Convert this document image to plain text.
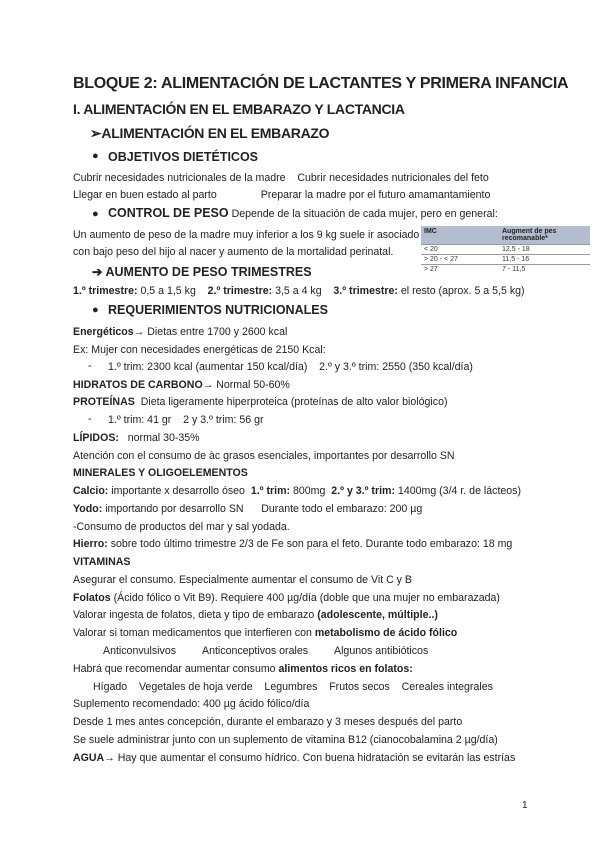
BLOQUE 2: ALIMENTACIÓN DE LACTANTES Y PRIMERA INFANCIA
I. ALIMENTACIÓN EN EL EMBARAZO Y LACTANCIA
➢ALIMENTACIÓN EN EL EMBARAZO
● OBJETIVOS DIETÉTICOS
Cubrir necesidades nutricionales de la madre Cubrir necesidades nutricionales del feto
Llegar en buen estado al parto	Preparar la madre por el futuro amamantamiento
● CONTROL DE PESO Depende de la situación de cada mujer, pero en general:
Un aumento de peso de la madre muy inferior a los 9 kg suele ir asociado
con bajo peso del hijo al nacer y aumento de la mortalidad perinatal.
IMC	Augment de pes recomanable*
< 20	12,5 - 18
> 20 - < 27	11,5 - 16
> 27	7 - 11,5
➔ AUMENTO DE PESO TRIMESTRES
1.º trimestre: 0,5 a 1,5 kg 2.º trimestre: 3,5 a 4 kg 3.º trimestre: el resto (aprox. 5 a 5,5 kg)
● REQUERIMIENTOS NUTRICIONALES
Energéticos→ Dietas entre 1700 y 2600 kcal
Ex: Mujer con necesidades energéticas de 2150 Kcal:
- 1.º trim: 2300 kcal (aumentar 150 kcal/día) 2.º y 3.º trim: 2550 (350 kcal/día)
HIDRATOS DE CARBONO→ Normal 50-60%
PROTEÍNAS Dieta ligeramente hiperproteica (proteínas de alto valor biológico)
- 1.º trim: 41 gr 2 y 3.º trim: 56 gr
LÍPIDOS: normal 30-35%
Atención con el consumo de àc grasos esenciales, importantes por desarrollo SN
MINERALES Y OLIGOELEMENTOS
Calcio: importante x desarrollo óseo 1.º trim: 800mg 2.º y 3.º trim: 1400mg (3/4 r. de lácteos)
Yodo: importando por desarrollo SN Durante todo el embarazo: 200 µg
-Consumo de productos del mar y sal yodada.
Hierro: sobre todo último trimestre 2/3 de Fe son para el feto. Durante todo embarazo: 18 mg
VITAMINAS
Asegurar el consumo. Especialmente aumentar el consumo de Vit C y B
Folatos (Ácido fólico o Vit B9). Requiere 400 µg/día (doble que una mujer no embarazada)
Valorar ingesta de folatos, dieta y tipo de embarazo (adolescente, múltiple..)
Valorar si toman medicamentos que interfieren con metabolismo de ácido fólico
Anticonvulsivos Anticonceptivos orales Algunos antibióticos
Habrá que recomendar aumentar consumo alimentos ricos en folatos:
Hígado Vegetales de hoja verde Legumbres Frutos secos Cereales integrales
Suplemento recomendado: 400 µg ácido fólico/día
Desde 1 mes antes concepción, durante el embarazo y 3 meses después del parto
Se suele administrar junto con un suplemento de vitamina B12 (cianocobalamina 2 µg/día)
AGUA→ Hay que aumentar el consumo hídrico. Con buena hidratación se evitarán las estrías
1
